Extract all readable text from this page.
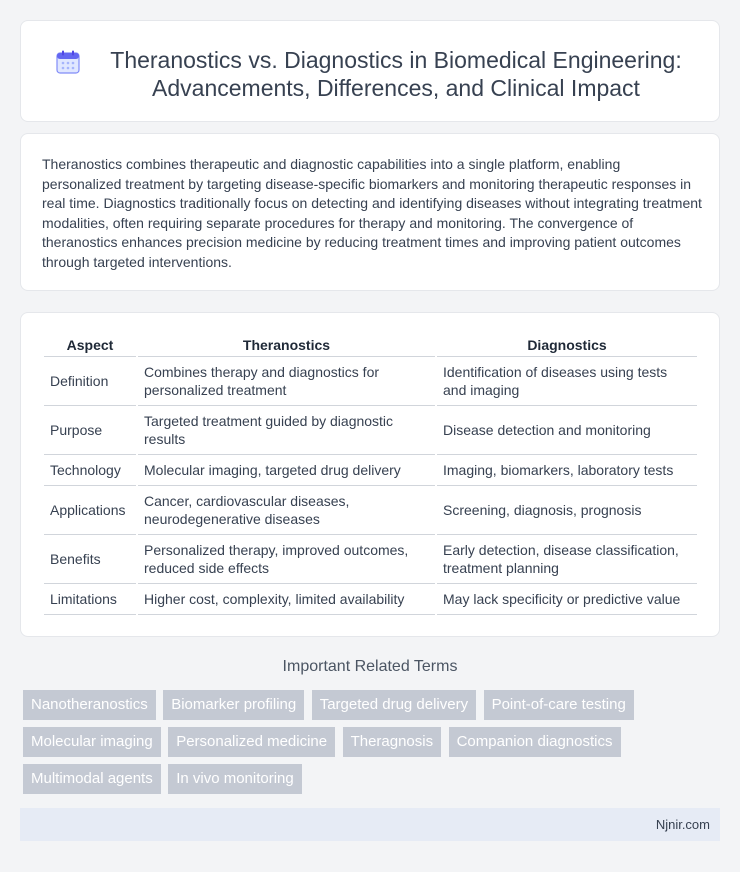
Theranostics vs. Diagnostics in Biomedical Engineering:
Advancements, Differences, and Clinical Impact

Theranostics combines therapeutic and diagnostic capabilities into a single platform, enabling personalized treatment by targeting disease-specific biomarkers and monitoring therapeutic responses in real time. Diagnostics traditionally focus on detecting and identifying diseases without integrating treatment modalities, often requiring separate procedures for therapy and monitoring. The convergence of theranostics enhances precision medicine by reducing treatment times and improving patient outcomes through targeted interventions.

Aspect	Theranostics	Diagnostics
Definition	Combines therapy and diagnostics for personalized treatment	Identification of diseases using tests and imaging
Purpose	Targeted treatment guided by diagnostic results	Disease detection and monitoring
Technology	Molecular imaging, targeted drug delivery	Imaging, biomarkers, laboratory tests
Applications	Cancer, cardiovascular diseases, neurodegenerative diseases	Screening, diagnosis, prognosis
Benefits	Personalized therapy, improved outcomes, reduced side effects	Early detection, disease classification, treatment planning
Limitations	Higher cost, complexity, limited availability	May lack specificity or predictive value
Important Related Terms
Nanotheranostics Biomarker profiling Targeted drug delivery Point-of-care testing Molecular imaging Personalized medicine Theragnosis Companion diagnostics Multimodal agents In vivo monitoring
Njnir.com
